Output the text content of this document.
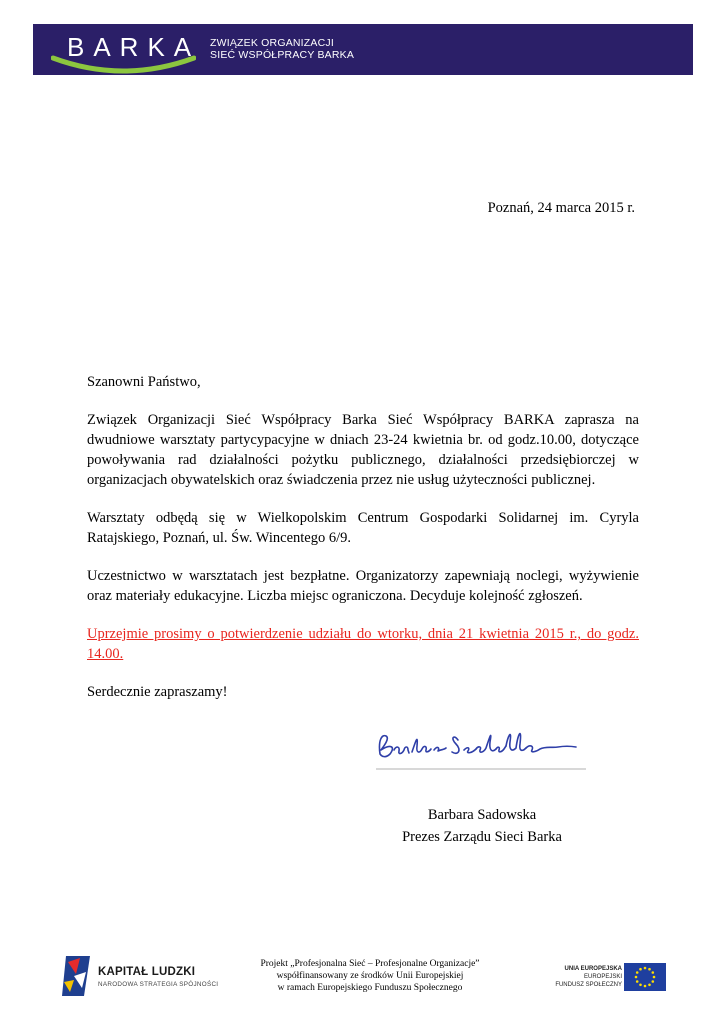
BARKA ZWIĄZEK ORGANIZACJI
SIEĆ WSPÓŁPRACY BARKA
Poznań, 24 marca 2015 r.
Szanowni Państwo,
Związek Organizacji Sieć Współpracy Barka Sieć Współpracy BARKA zaprasza na dwudniowe warsztaty partycypacyjne w dniach 23-24 kwietnia br. od godz.10.00, dotyczące powoływania rad działalności pożytku publicznego, działalności przedsiębiorczej w organizacjach obywatelskich oraz świadczenia przez nie usług użyteczności publicznej.
Warsztaty odbędą się w Wielkopolskim Centrum Gospodarki Solidarnej im. Cyryla Ratajskiego, Poznań, ul. Św. Wincentego 6/9.
Uczestnictwo w warsztatach jest bezpłatne. Organizatorzy zapewniają noclegi, wyżywienie oraz materiały edukacyjne. Liczba miejsc ograniczona. Decyduje kolejność zgłoszeń.
Uprzejmie prosimy o potwierdzenie udziału do wtorku, dnia 21 kwietnia 2015 r., do godz. 14.00.
Serdecznie zapraszamy!
Barbara Sadowska
Prezes Zarządu Sieci Barka
KAPITAŁ LUDZKI
NARODOWA STRATEGIA SPÓJNOŚCI
Projekt „Profesjonalna Sieć – Profesjonalne Organizacje”
współfinansowany ze środków Unii Europejskiej
w ramach Europejskiego Funduszu Społecznego
UNIA EUROPEJSKA
EUROPEJSKI
FUNDUSZ SPOŁECZNY
